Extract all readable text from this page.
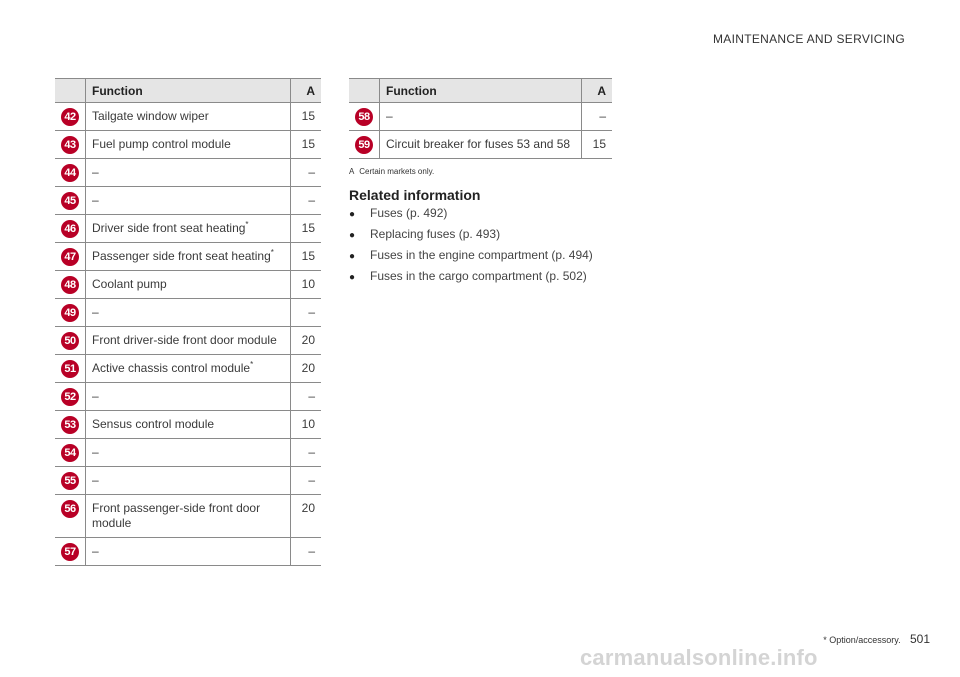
MAINTENANCE AND SERVICING
	Function	A
42	Tailgate window wiper	15
43	Fuel pump control module	15
44	–	–
45	–	–
46	Driver side front seat heating*	15
47	Passenger side front seat heating*	15
48	Coolant pump	10
49	–	–
50	Front driver-side front door module	20
51	Active chassis control module*	20
52	–	–
53	Sensus control module	10
54	–	–
55	–	–
56	Front passenger-side front door module	20
57	–	–
	Function	A
58	–	–
59	Circuit breaker for fuses 53 and 58	15
A Certain markets only.
Related information
● Fuses (p. 492)
● Replacing fuses (p. 493)
● Fuses in the engine compartment (p. 494)
● Fuses in the cargo compartment (p. 502)
* Option/accessory. 501
carmanualsonline.info
